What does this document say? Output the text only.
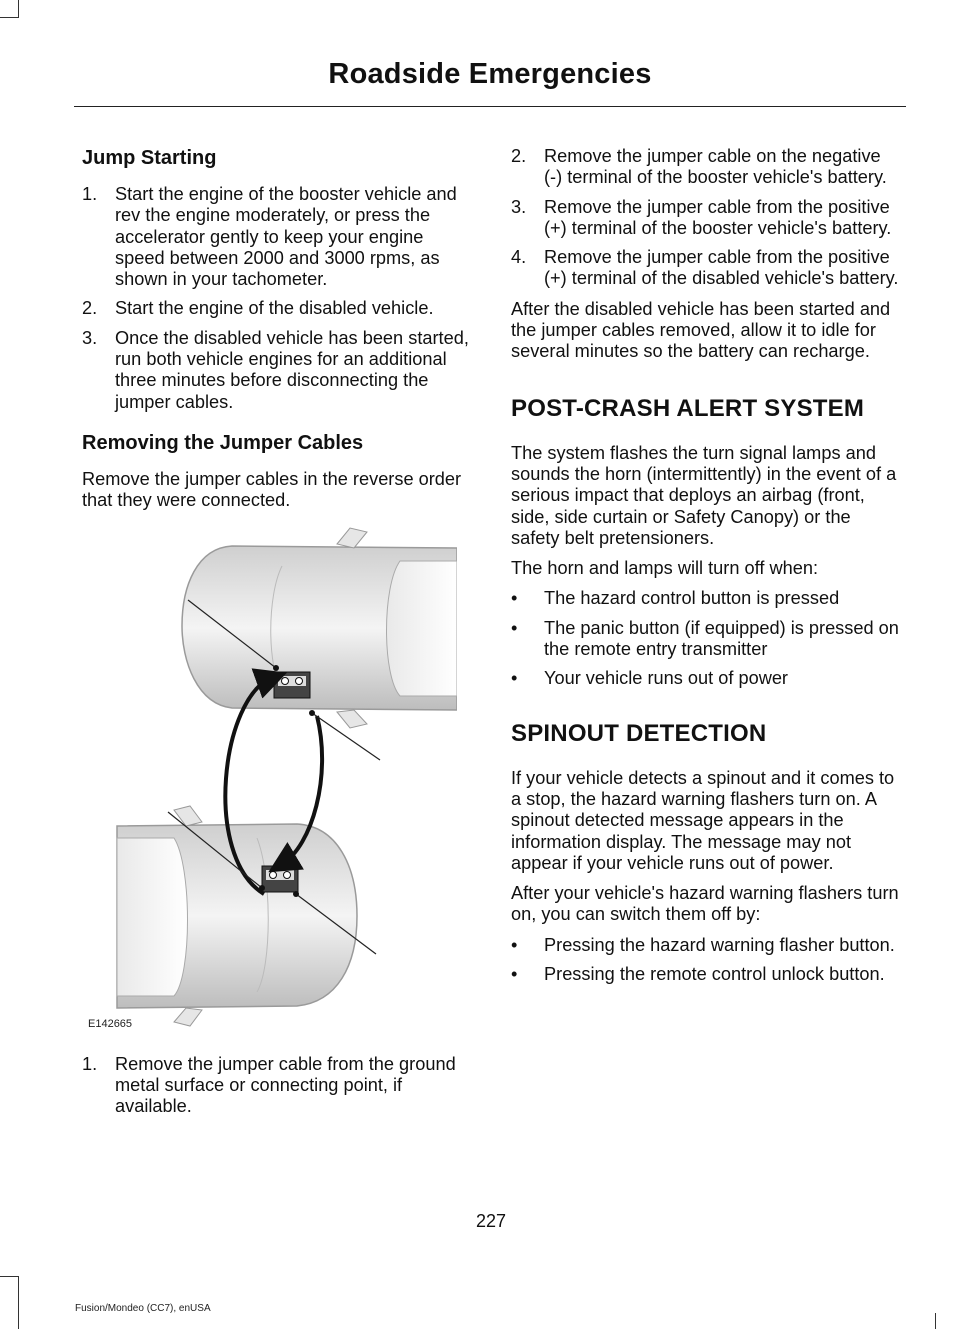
Roadside Emergencies
Jump Starting
1. Start the engine of the booster vehicle and rev the engine moderately, or press the accelerator gently to keep your engine speed between 2000 and 3000 rpms, as shown in your tachometer.
2. Start the engine of the disabled vehicle.
3. Once the disabled vehicle has been started, run both vehicle engines for an additional three minutes before disconnecting the jumper cables.
Removing the Jumper Cables

Remove the jumper cables in the reverse order that they were connected.

E142665
1. Remove the jumper cable from the ground metal surface or connecting point, if available.
2. Remove the jumper cable on the negative (-) terminal of the booster vehicle's battery.
3. Remove the jumper cable from the positive (+) terminal of the booster vehicle's battery.
4. Remove the jumper cable from the positive (+) terminal of the disabled vehicle's battery.

After the disabled vehicle has been started and the jumper cables removed, allow it to idle for several minutes so the battery can recharge.

POST-CRASH ALERT SYSTEM

The system flashes the turn signal lamps and sounds the horn (intermittently) in the event of a serious impact that deploys an airbag (front, side, side curtain or Safety Canopy) or the safety belt pretensioners.

The horn and lamps will turn off when:

• The hazard control button is pressed
• The panic button (if equipped) is pressed on the remote entry transmitter
• Your vehicle runs out of power
SPINOUT DETECTION

If your vehicle detects a spinout and it comes to a stop, the hazard warning flashers turn on. A spinout detected message appears in the information display. The message may not appear if your vehicle runs out of power.

After your vehicle's hazard warning flashers turn on, you can switch them off by:

• Pressing the hazard warning flasher button.
• Pressing the remote control unlock button.
227
Fusion/Mondeo (CC7), enUSA
